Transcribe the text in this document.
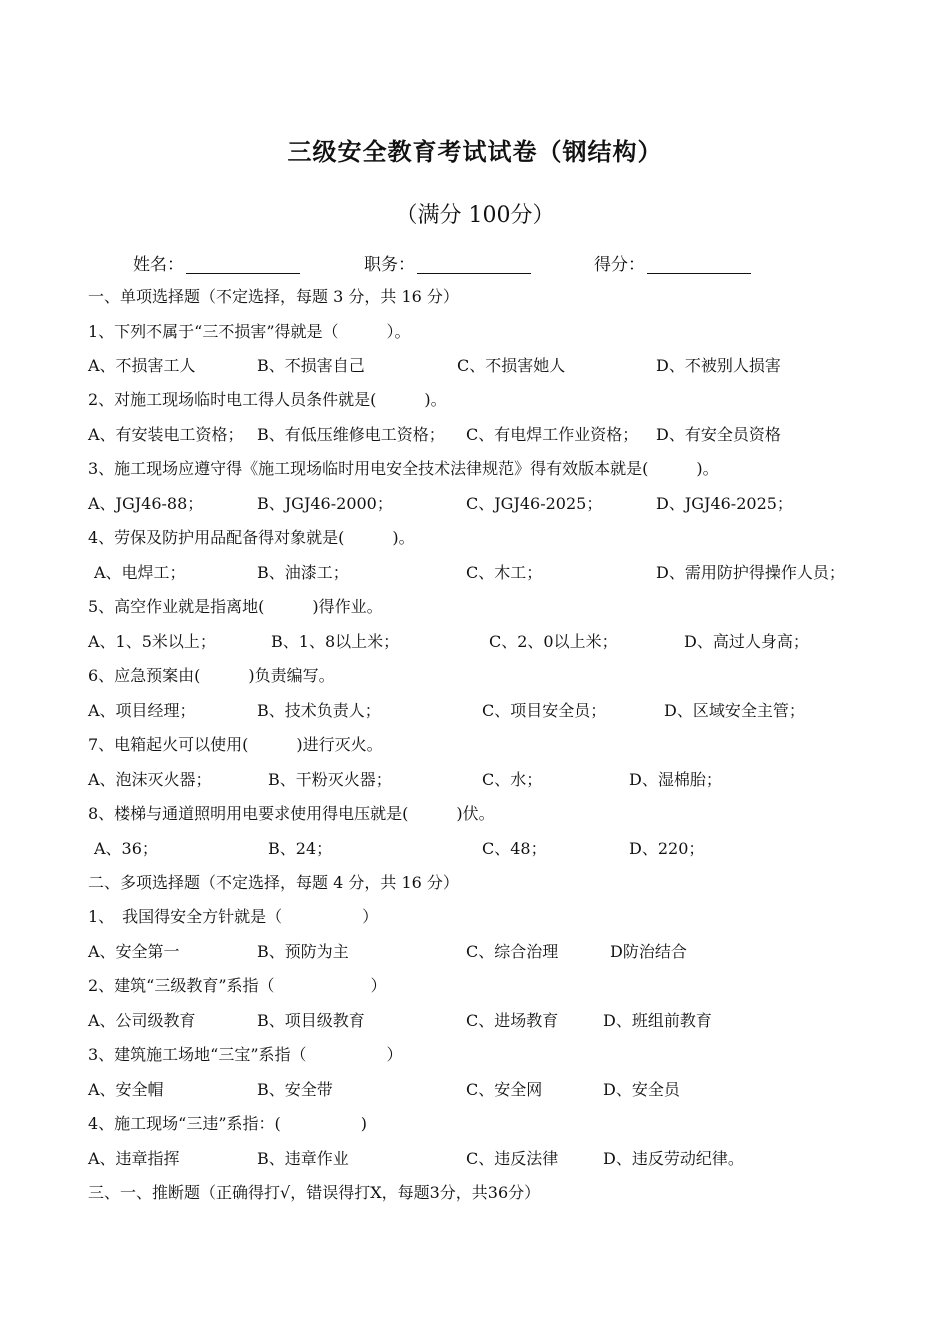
三级安全教育考试试卷（钢结构）
（满分 100分）
姓名：	职务：	得分：
一、单项选择题（不定选择，每题 3 分，共 16 分）
1、下列不属于“三不损害”得就是（　　　）。
A、不损害工人	B、不损害自己	C、不损害她人	D、不被别人损害
2、对施工现场临时电工得人员条件就是(　　　)。
A、有安装电工资格； B、有低压维修电工资格； C、有电焊工作业资格； D、有安全员资格
3、施工现场应遵守得《施工现场临时用电安全技术法律规范》得有效版本就是(　　　)。
A、JGJ46-88；	B、JGJ46-2000；	C、JGJ46-2025；	D、JGJ46-2025；
4、劳保及防护用品配备得对象就是(　　　)。
A、电焊工；	B、油漆工；	C、木工；	D、需用防护得操作人员；
5、高空作业就是指离地(　　　)得作业。
A、1、5米以上；	B、1、8以上米；	C、2、0以上米；	D、高过人身高；
6、应急预案由(　　　)负责编写。
A、项目经理；	B、技术负责人；	C、项目安全员；	D、区域安全主管；
7、电箱起火可以使用(　　　)进行灭火。
A、泡沫灭火器；	B、干粉灭火器；	C、水；	D、湿棉胎；
8、楼梯与通道照明用电要求使用得电压就是(　　　)伏。
A、36；	B、24；	C、48；	D、220；
二、多项选择题（不定选择，每题 4 分，共 16 分）
1、　我国得安全方针就是（　　　　　）
A、安全第一	B、预防为主	C、综合治理	D防治结合
2、建筑“三级教育”系指（　　　　　　）
A、公司级教育	B、项目级教育	C、进场教育	D、班组前教育
3、建筑施工场地“三宝”系指（　　　　　）
A、安全帽	B、安全带	C、安全网	D、安全员
4、施工现场“三违”系指：(　　　　　)
A、违章指挥	B、违章作业	C、违反法律	D、违反劳动纪律。
三、一、推断题（正确得打√，错误得打X，每题3分，共36分）
